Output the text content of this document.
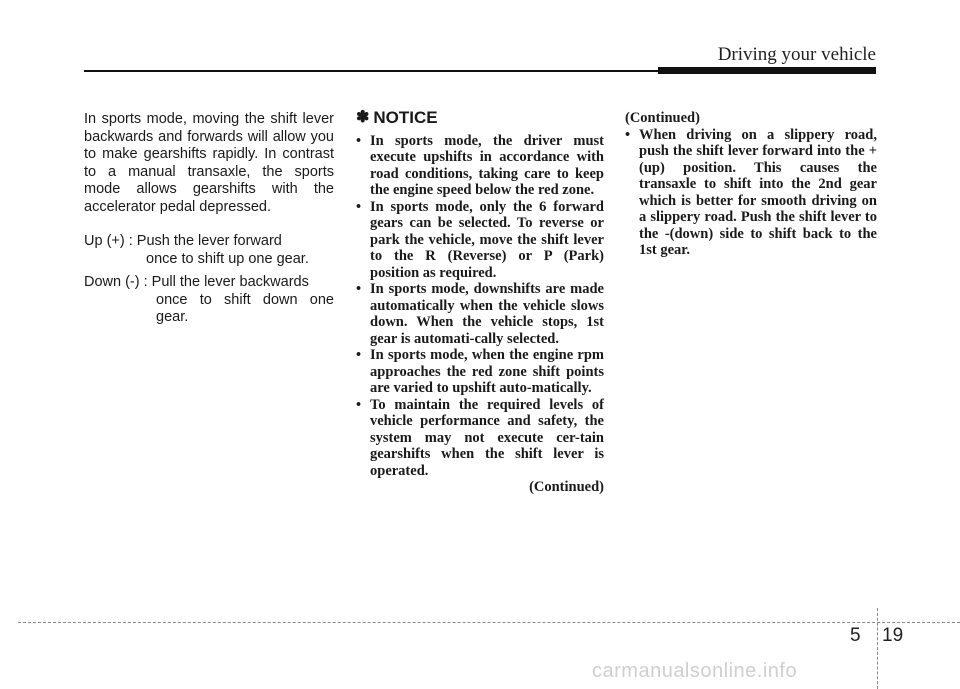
Driving your vehicle

In sports mode, moving the shift lever backwards and forwards will allow you to make gearshifts rapidly. In contrast to a manual transaxle, the sports mode allows gearshifts with the accelerator pedal depressed.

Up (+) : Push the lever forward
once to shift up one gear.
Down (-) : Pull the lever backwards
once to shift down one gear.
✽ NOTICE
• In sports mode, the driver must execute upshifts in accordance with road conditions, taking care to keep the engine speed below the red zone.
• In sports mode, only the 6 forward gears can be selected. To reverse or park the vehicle, move the shift lever to the R (Reverse) or P (Park) position as required.
• In sports mode, downshifts are made automatically when the vehicle slows down. When the vehicle stops, 1st gear is automati-cally selected.
• In sports mode, when the engine rpm approaches the red zone shift points are varied to upshift auto-matically.
• To maintain the required levels of vehicle performance and safety, the system may not execute cer-tain gearshifts when the shift lever is operated.
(Continued)
(Continued)
• When driving on a slippery road, push the shift lever forward into the +(up) position. This causes the transaxle to shift into the 2nd gear which is better for smooth driving on a slippery road. Push the shift lever to the -(down) side to shift back to the 1st gear.
5 19
carmanualsonline.info
